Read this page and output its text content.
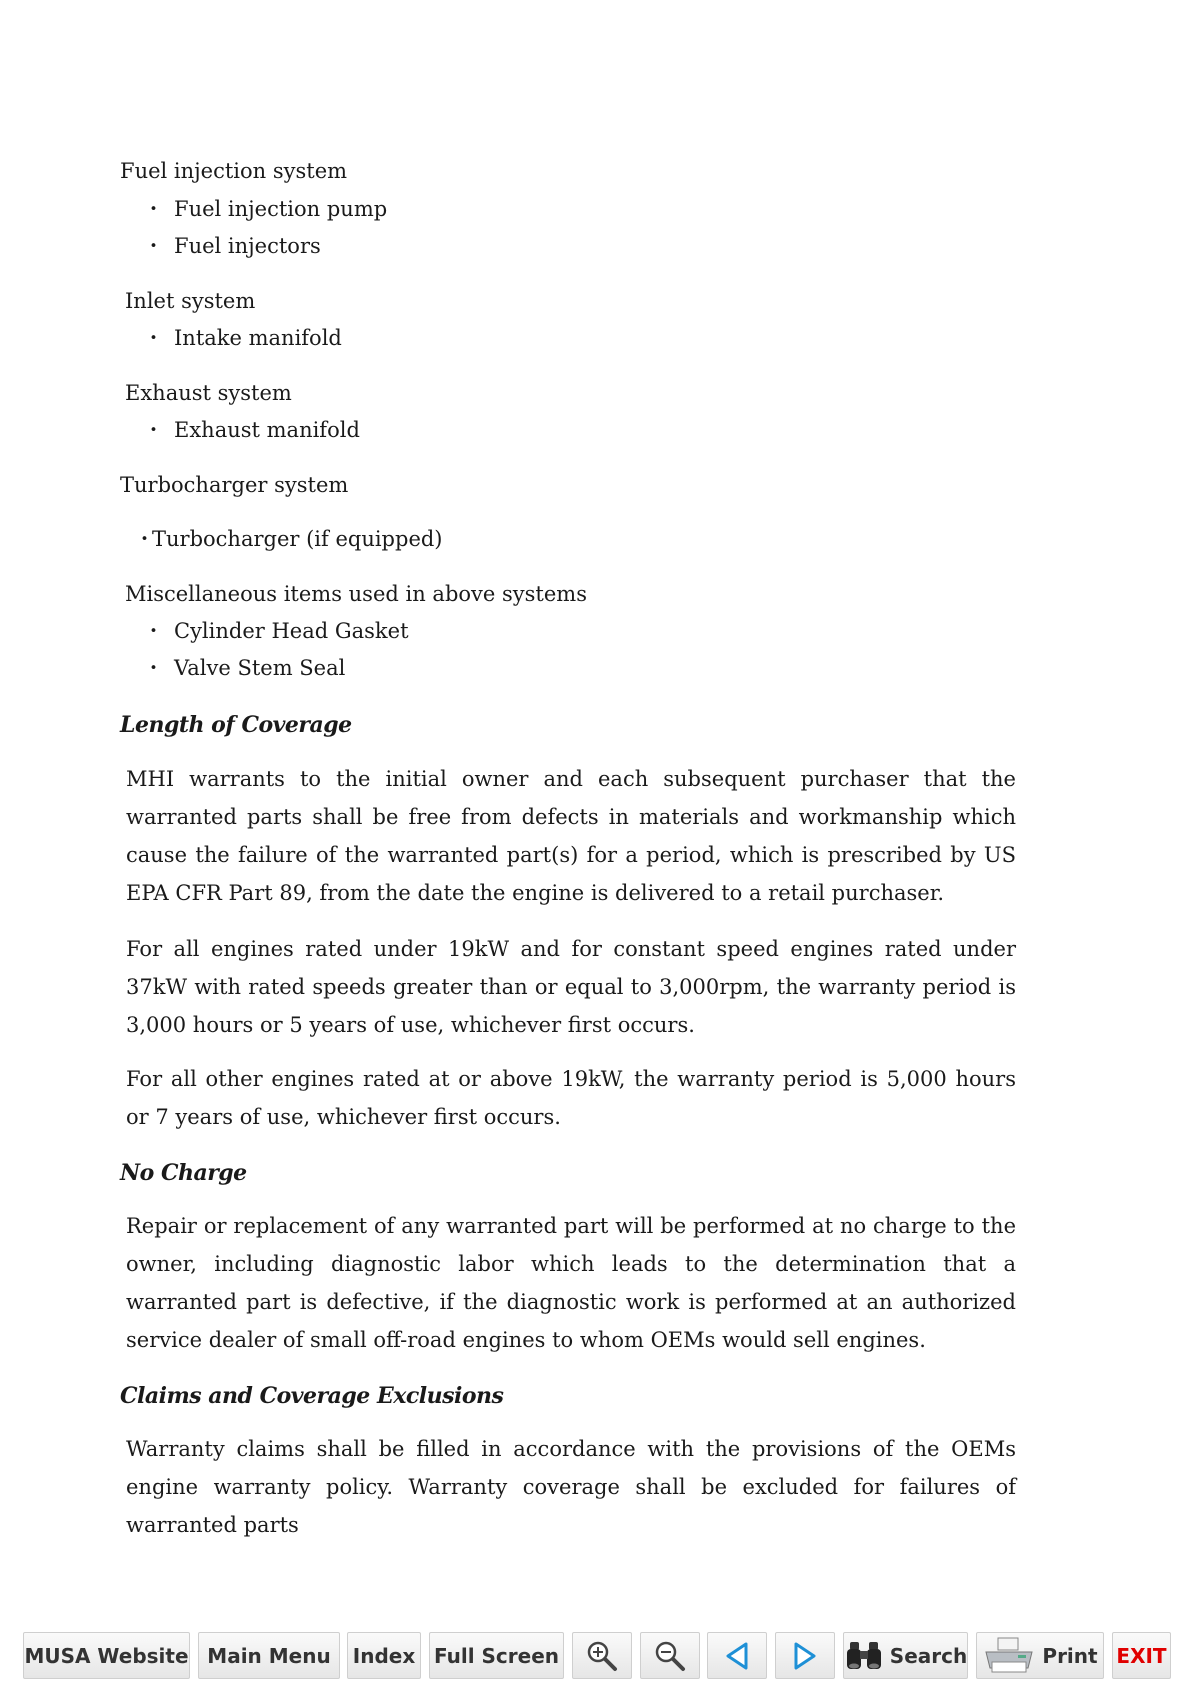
Fuel injection system
・ Fuel injection pump
・ Fuel injectors
Inlet system
・ Intake manifold
Exhaust system
・ Exhaust manifold
Turbocharger system
・
Turbocharger (if equipped)
Miscellaneous items used in above systems
・ Cylinder Head Gasket
・ Valve Stem Seal
Length of Coverage
MHI warrants to the initial owner and each subsequent purchaser that the warranted parts shall be free from defects in materials and workmanship which cause the failure of the warranted part(s) for a period, which is prescribed by US EPA CFR Part 89, from the date the engine is delivered to a retail purchaser.
For all engines rated under 19kW and for constant speed engines rated under 37kW with rated speeds greater than or equal to 3,000rpm, the warranty period is 3,000 hours or 5 years of use, whichever first occurs.
For all other engines rated at or above 19kW, the warranty period is 5,000 hours or 7 years of use, whichever first occurs.
No Charge
Repair or replacement of any warranted part will be performed at no charge to the owner, including diagnostic labor which leads to the determination that a warranted part is defective, if the diagnostic work is performed at an authorized service dealer of small off-road engines to whom OEMs would sell engines.
Claims and Coverage Exclusions
Warranty claims shall be filled in accordance with the provisions of the OEMs engine warranty policy. Warranty coverage shall be excluded for failures of warranted parts
MUSA Website Main Menu	Index Full Screen	Search	Print EXIT
